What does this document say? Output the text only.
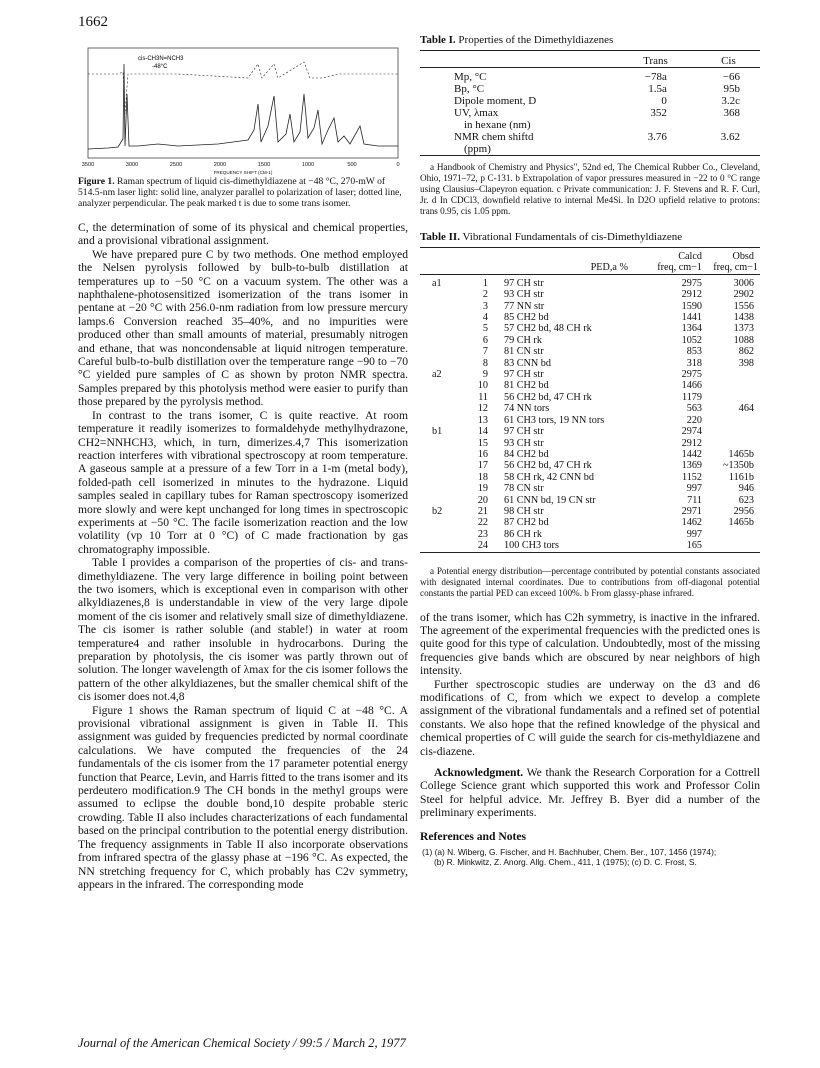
1662
cis-CH3N=NCH3
-48°C
3500	3000	2500	2000	1500	1000	500	0
FREQUENCY SHIFT (CM-1)

Figure 1. Raman spectrum of liquid cis-dimethyldiazene at −48 °C, 270-mW of 514.5-nm laser light: solid line, analyzer parallel to polarization of laser; dotted line, analyzer perpendicular. The peak marked t is due to some trans isomer.

C, the determination of some of its physical and chemical properties, and a provisional vibrational assignment.

We have prepared pure C by two methods. One method employed the Nelsen pyrolysis followed by bulb-to-bulb distillation at temperatures up to −50 °C on a vacuum system. The other was a naphthalene-photosensitized isomerization of the trans isomer in pentane at −20 °C with 256.0-nm radiation from low pressure mercury lamps.6 Conversion reached 35–40%, and no impurities were produced other than small amounts of material, presumably nitrogen and ethane, that was noncondensable at liquid nitrogen temperature. Careful bulb-to-bulb distillation over the temperature range −90 to −70 °C yielded pure samples of C as shown by proton NMR spectra. Samples prepared by this photolysis method were easier to purify than those prepared by the pyrolysis method.

In contrast to the trans isomer, C is quite reactive. At room temperature it readily isomerizes to formaldehyde methylhydrazone, CH2=NNHCH3, which, in turn, dimerizes.4,7 This isomerization reaction interferes with vibrational spectroscopy at room temperature. A gaseous sample at a pressure of a few Torr in a 1-m (metal body), folded-path cell isomerized in minutes to the hydrazone. Liquid samples sealed in capillary tubes for Raman spectroscopy isomerized more slowly and were kept unchanged for long times in spectroscopic experiments at −50 °C. The facile isomerization reaction and the low volatility (vp 10 Torr at 0 °C) of C made fractionation by gas chromatography impossible.

Table I provides a comparison of the properties of cis- and trans-dimethyldiazene. The very large difference in boiling point between the two isomers, which is exceptional even in comparison with other alkyldiazenes,8 is understandable in view of the very large dipole moment of the cis isomer and relatively small size of dimethyldiazene. The cis isomer is rather soluble (and stable!) in water at room temperature4 and rather insoluble in hydrocarbons. During the preparation by photolysis, the cis isomer was partly thrown out of solution. The longer wavelength of λmax for the cis isomer follows the pattern of the other alkyldiazenes, but the smaller chemical shift of the cis isomer does not.4,8

Figure 1 shows the Raman spectrum of liquid C at −48 °C. A provisional vibrational assignment is given in Table II. This assignment was guided by frequencies predicted by normal coordinate calculations. We have computed the frequencies of the 24 fundamentals of the cis isomer from the 17 parameter potential energy function that Pearce, Levin, and Harris fitted to the trans isomer and its perdeutero modification.9 The CH bonds in the methyl groups were assumed to eclipse the double bond,10 despite probable steric crowding. Table II also includes characterizations of each fundamental based on the principal contribution to the potential energy distribution. The frequency assignments in Table II also incorporate observations from infrared spectra of the glassy phase at −196 °C. As expected, the NN stretching frequency for C, which probably has C2v symmetry, appears in the infrared. The corresponding mode

Journal of the American Chemical Society / 99:5 / March 2, 1977

Table I. Properties of the Dimethyldiazenes

	Trans	Cis

Mp, °C	−78a	−66
Bp, °C	1.5a	95b
Dipole moment, D	0	3.2c
UV, λmax	352	368
in hexane (nm)		
NMR chem shiftd	3.76	3.62
(ppm)		

a Handbook of Chemistry and Physics", 52nd ed, The Chemical Rubber Co., Cleveland, Ohio, 1971–72, p C-131. b Extrapolation of vapor pressures measured in −22 to 0 °C range using Clausius–Clapeyron equation. c Private communication: J. F. Stevens and R. F. Curl, Jr. d In CDCl3, downfield relative to internal Me4Si. In D2O upfield relative to protons: trans 0.95, cis 1.05 ppm.

Table II. Vibrational Fundamentals of cis-Dimethyldiazene

			Calcd	Obsd
		PED,a %	freq, cm−1	freq, cm−1

a1	1	97 CH str	2975	3006
	2	93 CH str	2912	2902
	3	77 NN str	1590	1556
	4	85 CH2 bd	1441	1438
	5	57 CH2 bd, 48 CH rk	1364	1373
	6	79 CH rk	1052	1088
	7	81 CN str	853	862
	8	83 CNN bd	318	398
a2	9	97 CH str	2975	
	10	81 CH2 bd	1466	
	11	56 CH2 bd, 47 CH rk	1179	
	12	74 NN tors	563	464
	13	61 CH3 tors, 19 NN tors	220	
b1	14	97 CH str	2974	
	15	93 CH str	2912	
	16	84 CH2 bd	1442	1465b
	17	56 CH2 bd, 47 CH rk	1369	~1350b
	18	58 CH rk, 42 CNN bd	1152	1161b
	19	78 CN str	997	946
	20	61 CNN bd, 19 CN str	711	623
b2	21	98 CH str	2971	2956
	22	87 CH2 bd	1462	1465b
	23	86 CH rk	997	
	24	100 CH3 tors	165	

a Potential energy distribution—percentage contributed by potential constants associated with designated internal coordinates. Due to contributions from off-diagonal potential constants the partial PED can exceed 100%. b From glassy-phase infrared.

of the trans isomer, which has C2h symmetry, is inactive in the infrared. The agreement of the experimental frequencies with the predicted ones is quite good for this type of calculation. Undoubtedly, most of the missing frequencies give bands which are obscured by near neighbors of high intensity.

Further spectroscopic studies are underway on the d3 and d6 modifications of C, from which we expect to develop a complete assignment of the vibrational fundamentals and a refined set of potential constants. We also hope that the refined knowledge of the physical and chemical properties of C will guide the search for cis-methyldiazene and cis-diazene.

Acknowledgment. We thank the Research Corporation for a Cottrell College Science grant which supported this work and Professor Colin Steel for helpful advice. Mr. Jeffrey B. Byer did a number of the preliminary experiments.

References and Notes

(1) (a) N. Wiberg, G. Fischer, and H. Bachhuber, Chem. Ber., 107, 1456 (1974);

(b) R. Minkwitz, Z. Anorg. Allg. Chem., 411, 1 (1975); (c) D. C. Frost, S.
